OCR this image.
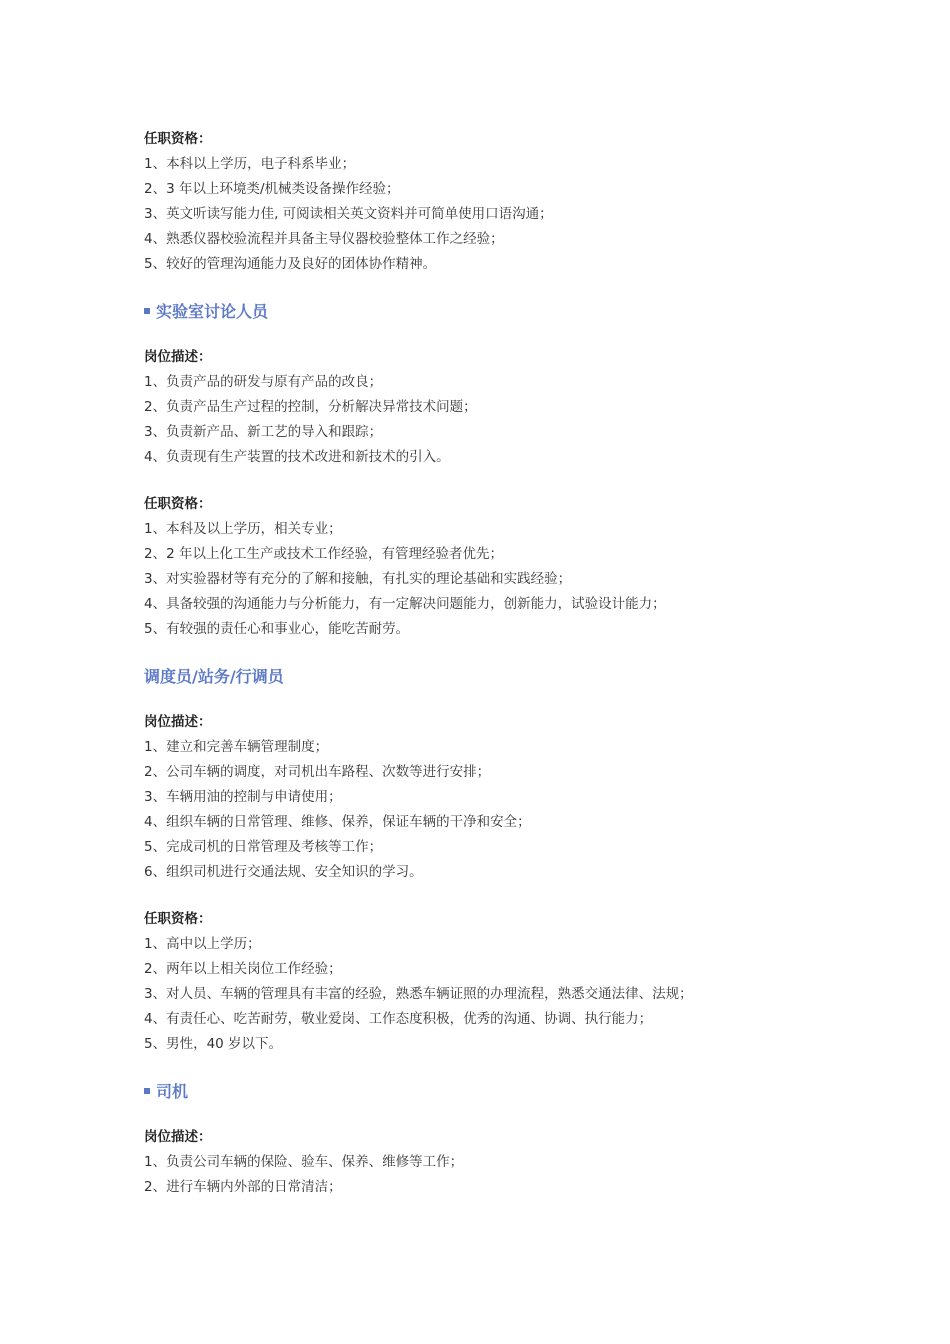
任职资格：
1、本科以上学历，电子科系毕业；
2、3 年以上环境类/机械类设备操作经验；
3、英文听读写能力佳, 可阅读相关英文资料并可简单使用口语沟通；
4、熟悉仪器校验流程并具备主导仪器校验整体工作之经验；
5、较好的管理沟通能力及良好的团体协作精神。
实验室讨论人员
岗位描述：
1、负责产品的研发与原有产品的改良；
2、负责产品生产过程的控制，分析解决异常技术问题；
3、负责新产品、新工艺的导入和跟踪；
4、负责现有生产装置的技术改进和新技术的引入。
任职资格：
1、本科及以上学历，相关专业；
2、2 年以上化工生产或技术工作经验，有管理经验者优先；
3、对实验器材等有充分的了解和接触，有扎实的理论基础和实践经验；
4、具备较强的沟通能力与分析能力，有一定解决问题能力，创新能力，试验设计能力；
5、有较强的责任心和事业心，能吃苦耐劳。
调度员/站务/行调员
岗位描述：
1、建立和完善车辆管理制度；
2、公司车辆的调度，对司机出车路程、次数等进行安排；
3、车辆用油的控制与申请使用；
4、组织车辆的日常管理、维修、保养，保证车辆的干净和安全；
5、完成司机的日常管理及考核等工作；
6、组织司机进行交通法规、安全知识的学习。
任职资格：
1、高中以上学历；
2、两年以上相关岗位工作经验；
3、对人员、车辆的管理具有丰富的经验，熟悉车辆证照的办理流程，熟悉交通法律、法规；
4、有责任心、吃苦耐劳，敬业爱岗、工作态度积极，优秀的沟通、协调、执行能力；
5、男性，40 岁以下。
司机
岗位描述：
1、负责公司车辆的保险、验车、保养、维修等工作；
2、进行车辆内外部的日常清洁；
